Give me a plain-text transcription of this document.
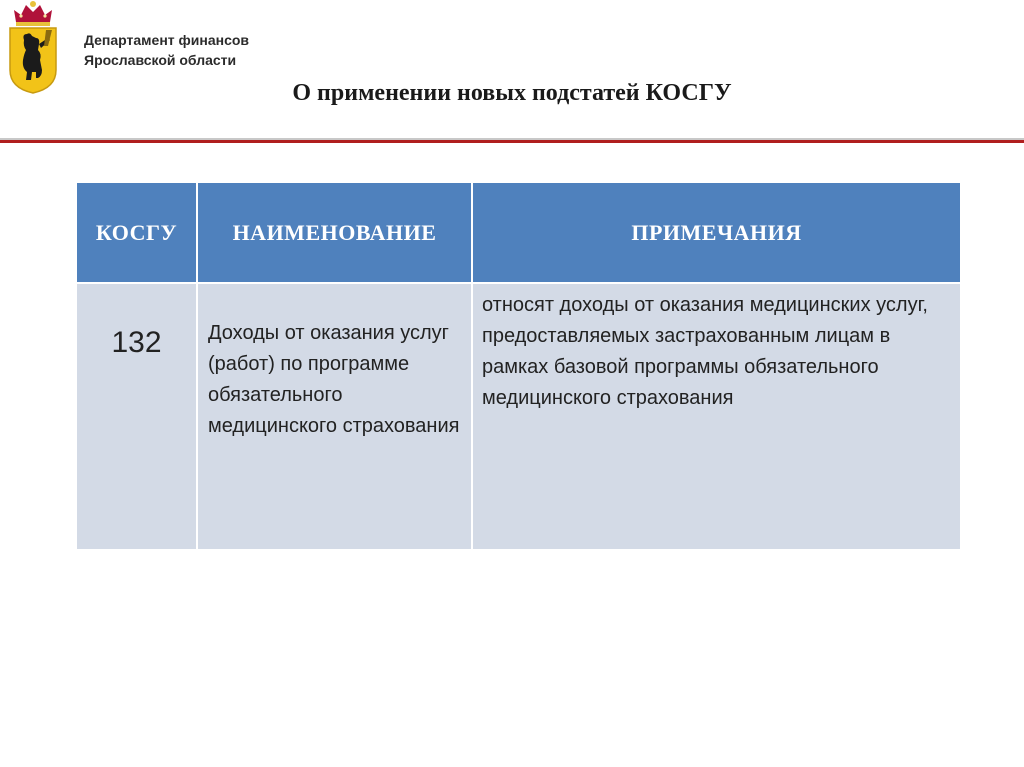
Департамент финансов
Ярославской области
О применении новых подстатей КОСГУ
КОСГУ	НАИМЕНОВАНИЕ	ПРИМЕЧАНИЯ
132	Доходы от оказания услуг (работ) по программе обязательного медицинского страхования	относят доходы от оказания медицинских услуг, предоставляемых застрахованным лицам в рамках базовой программы обязательного медицинского страхования
